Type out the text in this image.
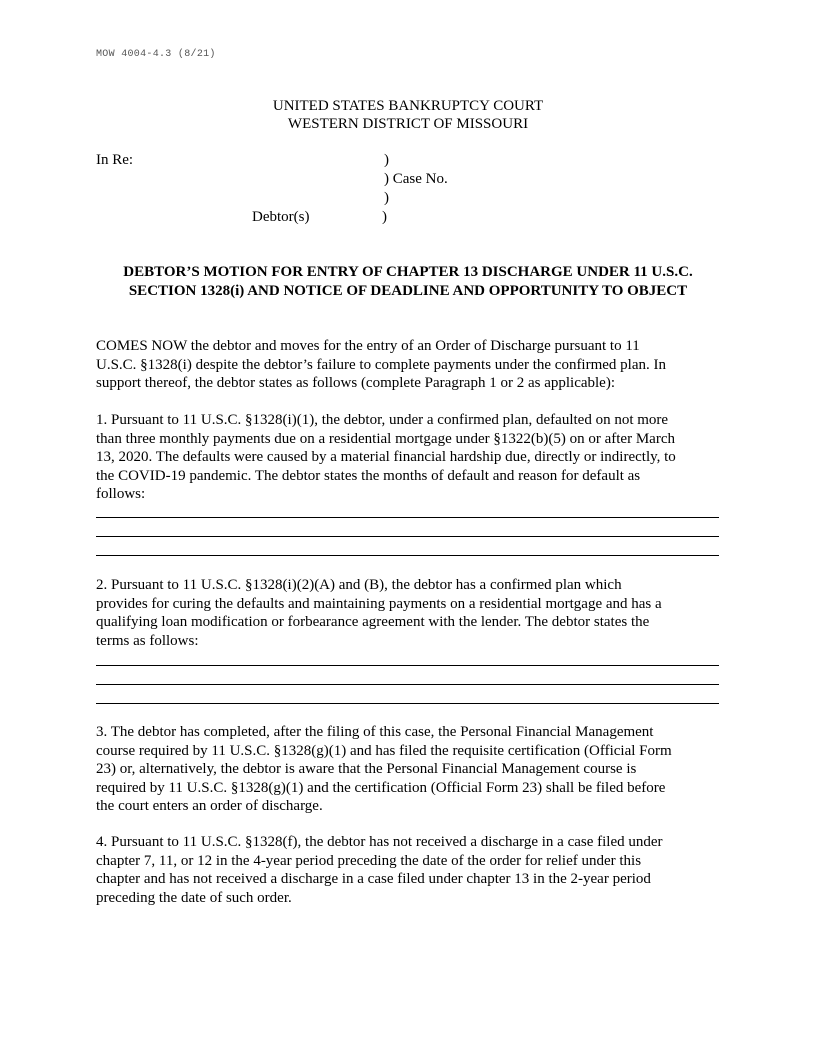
MOW 4004-4.3 (8/21)
UNITED STATES BANKRUPTCY COURT
WESTERN DISTRICT OF MISSOURI
In Re:	)
) Case No.
)
Debtor(s)	)
DEBTOR’S MOTION FOR ENTRY OF CHAPTER 13 DISCHARGE UNDER 11 U.S.C.
SECTION 1328(i) AND NOTICE OF DEADLINE AND OPPORTUNITY TO OBJECT
COMES NOW the debtor and moves for the entry of an Order of Discharge pursuant to 11
U.S.C. §1328(i) despite the debtor’s failure to complete payments under the confirmed plan. In
support thereof, the debtor states as follows (complete Paragraph 1 or 2 as applicable):
1. Pursuant to 11 U.S.C. §1328(i)(1), the debtor, under a confirmed plan, defaulted on not more
than three monthly payments due on a residential mortgage under §1322(b)(5) on or after March
13, 2020. The defaults were caused by a material financial hardship due, directly or indirectly, to
the COVID-19 pandemic. The debtor states the months of default and reason for default as
follows:
2. Pursuant to 11 U.S.C. §1328(i)(2)(A) and (B), the debtor has a confirmed plan which
provides for curing the defaults and maintaining payments on a residential mortgage and has a
qualifying loan modification or forbearance agreement with the lender. The debtor states the
terms as follows:
3. The debtor has completed, after the filing of this case, the Personal Financial Management
course required by 11 U.S.C. §1328(g)(1) and has filed the requisite certification (Official Form
23) or, alternatively, the debtor is aware that the Personal Financial Management course is
required by 11 U.S.C. §1328(g)(1) and the certification (Official Form 23) shall be filed before
the court enters an order of discharge.
4. Pursuant to 11 U.S.C. §1328(f), the debtor has not received a discharge in a case filed under
chapter 7, 11, or 12 in the 4-year period preceding the date of the order for relief under this
chapter and has not received a discharge in a case filed under chapter 13 in the 2-year period
preceding the date of such order.
